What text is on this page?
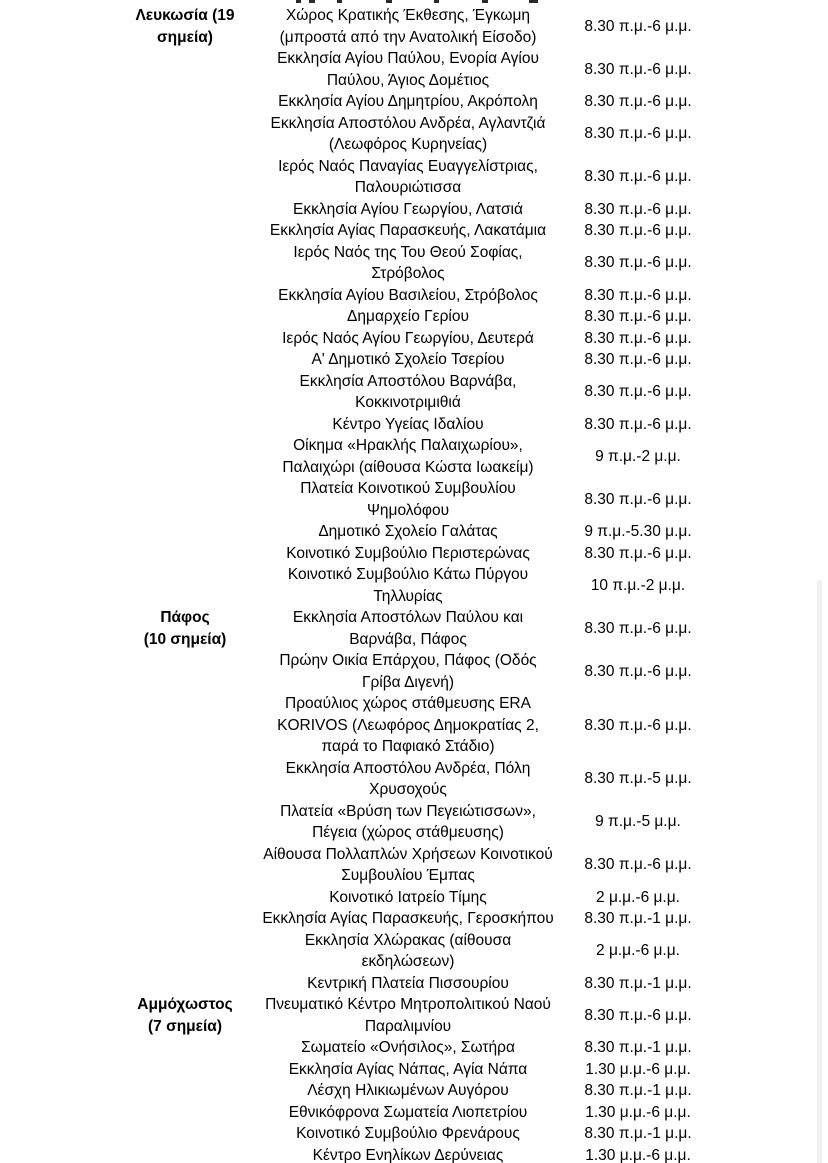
Λευκωσία (19
σημεία)	Χώρος Κρατικής Έκθεσης, Έγκωμη
(μπροστά από την Ανατολική Είσοδο)	8.30 π.μ.-6 μ.μ.
	Εκκλησία Αγίου Παύλου, Ενορία Αγίου
Παύλου, Άγιος Δομέτιος	8.30 π.μ.-6 μ.μ.
	Εκκλησία Αγίου Δημητρίου, Ακρόπολη	8.30 π.μ.-6 μ.μ.
	Εκκλησία Αποστόλου Ανδρέα, Αγλαντζιά
(Λεωφόρος Κυρηνείας)	8.30 π.μ.-6 μ.μ.
	Ιερός Ναός Παναγίας Ευαγγελίστριας,
Παλουριώτισσα	8.30 π.μ.-6 μ.μ.
	Εκκλησία Αγίου Γεωργίου, Λατσιά	8.30 π.μ.-6 μ.μ.
	Εκκλησία Αγίας Παρασκευής, Λακατάμια	8.30 π.μ.-6 μ.μ.
	Ιερός Ναός της Του Θεού Σοφίας,
Στρόβολος	8.30 π.μ.-6 μ.μ.
	Εκκλησία Αγίου Βασιλείου, Στρόβολος	8.30 π.μ.-6 μ.μ.
	Δημαρχείο Γερίου	8.30 π.μ.-6 μ.μ.
	Ιερός Ναός Αγίου Γεωργίου, Δευτερά	8.30 π.μ.-6 μ.μ.
	Α' Δημοτικό Σχολείο Τσερίου	8.30 π.μ.-6 μ.μ.
	Εκκλησία Αποστόλου Βαρνάβα,
Κοκκινοτριμιθιά	8.30 π.μ.-6 μ.μ.
	Κέντρο Υγείας Ιδαλίου	8.30 π.μ.-6 μ.μ.
	Οίκημα «Ηρακλής Παλαιχωρίου»,
Παλαιχώρι (αίθουσα Κώστα Ιωακείμ)	9 π.μ.-2 μ.μ.
	Πλατεία Κοινοτικού Συμβουλίου
Ψημολόφου	8.30 π.μ.-6 μ.μ.
	Δημοτικό Σχολείο Γαλάτας	9 π.μ.-5.30 μ.μ.
	Κοινοτικό Συμβούλιο Περιστερώνας	8.30 π.μ.-6 μ.μ.
	Κοινοτικό Συμβούλιο Κάτω Πύργου
Τηλλυρίας	10 π.μ.-2 μ.μ.
Πάφος
(10 σημεία)	Εκκλησία Αποστόλων Παύλου και
Βαρνάβα, Πάφος	8.30 π.μ.-6 μ.μ.
	Πρώην Οικία Επάρχου, Πάφος (Οδός
Γρίβα Διγενή)	8.30 π.μ.-6 μ.μ.
	Προαύλιος χώρος στάθμευσης ERA
KORIVOS (Λεωφόρος Δημοκρατίας 2,
παρά το Παφιακό Στάδιο)	8.30 π.μ.-6 μ.μ.
	Εκκλησία Αποστόλου Ανδρέα, Πόλη
Χρυσοχούς	8.30 π.μ.-5 μ.μ.
	Πλατεία «Βρύση των Πεγειώτισσων»,
Πέγεια (χώρος στάθμευσης)	9 π.μ.-5 μ.μ.
	Αίθουσα Πολλαπλών Χρήσεων Κοινοτικού
Συμβουλίου Έμπας	8.30 π.μ.-6 μ.μ.
	Κοινοτικό Ιατρείο Τίμης	2 μ.μ.-6 μ.μ.
	Εκκλησία Αγίας Παρασκευής, Γεροσκήπου	8.30 π.μ.-1 μ.μ.
	Εκκλησία Χλώρακας (αίθουσα
εκδηλώσεων)	2 μ.μ.-6 μ.μ.
	Κεντρική Πλατεία Πισσουρίου	8.30 π.μ.-1 μ.μ.
Αμμόχωστος
(7 σημεία)	Πνευματικό Κέντρο Μητροπολιτικού Ναού
Παραλιμνίου	8.30 π.μ.-6 μ.μ.
	Σωματείο «Ονήσιλος», Σωτήρα	8.30 π.μ.-1 μ.μ.
	Εκκλησία Αγίας Νάπας, Αγία Νάπα	1.30 μ.μ.-6 μ.μ.
	Λέσχη Ηλικιωμένων Αυγόρου	8.30 π.μ.-1 μ.μ.
	Εθνικόφρονα Σωματεία Λιοπετρίου	1.30 μ.μ.-6 μ.μ.
	Κοινοτικό Συμβούλιο Φρενάρους	8.30 π.μ.-1 μ.μ.
	Κέντρο Ενηλίκων Δερύνειας	1.30 μ.μ.-6 μ.μ.
